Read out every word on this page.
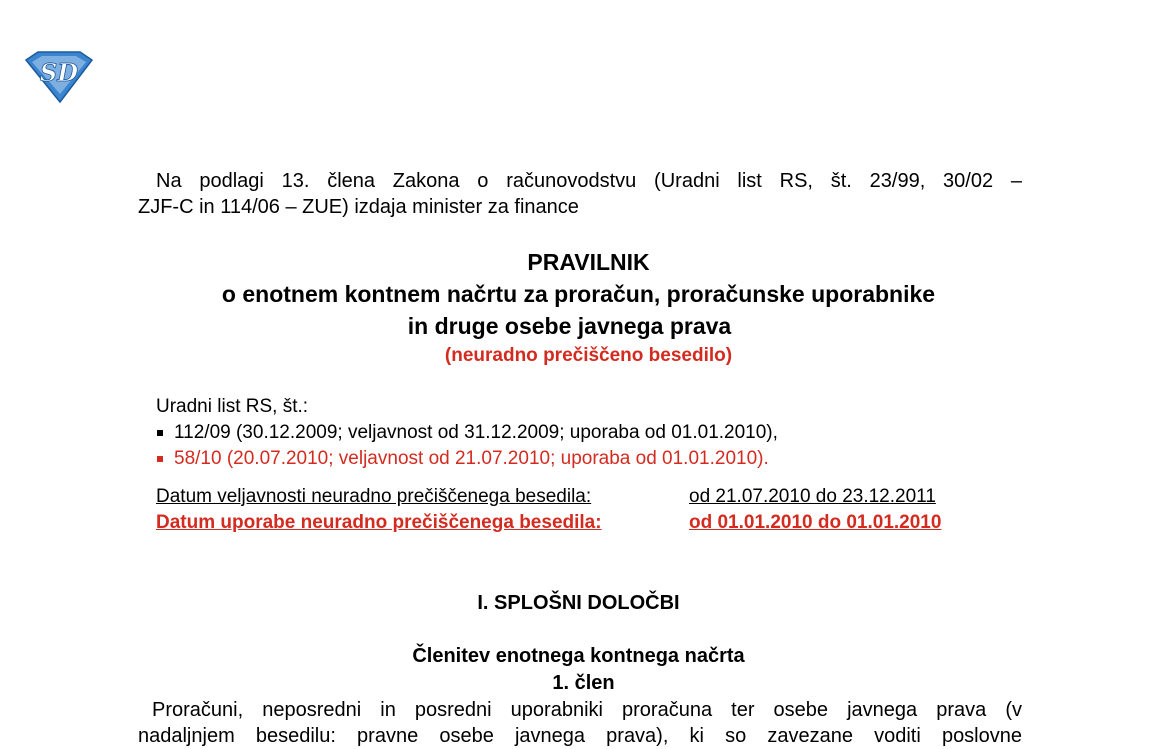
SD
Na podlagi 13. člena Zakona o računovodstvu (Uradni list RS, št. 23/99, 30/02 –
ZJF-C in 114/06 – ZUE) izdaja minister za finance
PRAVILNIK
o enotnem kontnem načrtu za proračun, proračunske uporabnike
in druge osebe javnega prava
(neuradno prečiščeno besedilo)
Uradni list RS, št.:
112/09 (30.12.2009; veljavnost od 31.12.2009; uporaba od 01.01.2010),
58/10 (20.07.2010; veljavnost od 21.07.2010; uporaba od 01.01.2010).
Datum veljavnosti neuradno prečiščenega besedila:	od 21.07.2010 do 23.12.2011
Datum uporabe neuradno prečiščenega besedila:	od 01.01.2010 do 01.01.2010
I. SPLOŠNI DOLOČBI
Členitev enotnega kontnega načrta
1. člen
Proračuni, neposredni in posredni uporabniki proračuna ter osebe javnega prava (v
nadaljnjem besedilu: pravne osebe javnega prava), ki so zavezane voditi poslovne
